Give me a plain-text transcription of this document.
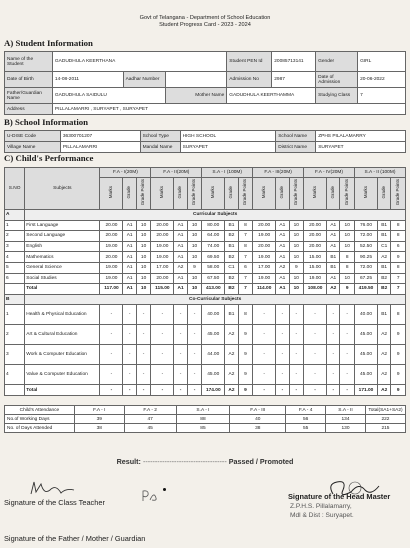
Govt of Telangana - Department of School Education
Student Progress Card - 2023 - 2024
A) Student Information
Name of the Student	GADUDHULA KEERTHANA			Student PEN Id	20085713141	Gender	GIRL
Date of Birth	14-08-2011	Aadhar Number		Admission No	2987	Date of Admission	20-06-2022
Father/Guardian Name	GADUDHULA SAIDULU		Mother Name	GADUDHULA KEERTHAMMA		Studying Class	7
Address	PILLALAMARRI , SURYAPET , SURYAPET						
B) School Information
U-DISE Code	36300701207	School Type	HIGH SCHOOL	School Name	ZPHS PILALAMARRY
Village Name	PILLALAMARRI	Mandal Name	SURYAPET	District Name	SURYAPET
C) Child's Performance
S.NO	Subjects	F.A - I(20M)			F.A - II(20M)			S.A - I (100M)			F.A - III(20M)			F.A - IV(20M)			S.A - II (100M)		
		Marks	Grade	Grade Points	Marks	Grade	Grade Points	Marks	Grade	Grade Points	Marks	Grade	Grade Points	Marks	Grade	Grade Points	Marks	Grade	Grade Points
A	Curricular Subjects																		
1	First Language	20.00	A1	10	20.00	A1	10	80.00	B1	8	20.00	A1	10	20.00	A1	10	76.00	B1	8
2	Second Language	20.00	A1	10	20.00	A1	10	64.00	B2	7	19.00	A1	10	20.00	A1	10	72.00	B1	8
3	English	19.00	A1	10	19.00	A1	10	74.00	B1	8	20.00	A1	10	20.00	A1	10	52.50	C1	6
4	Mathematics	20.00	A1	10	19.00	A1	10	69.50	B2	7	19.00	A1	10	15.00	B1	8	90.25	A2	9
5	General Science	19.00	A1	10	17.00	A2	9	58.00	C1	6	17.00	A2	9	15.00	B1	8	72.00	B1	8
6	Social Studies	19.00	A1	10	20.00	A1	10	67.50	B2	7	19.00	A1	10	19.00	A1	10	67.25	B2	7
	Total	117.00	A1	10	115.00	A1	10	413.00	B2	7	114.00	A1	10	108.00	A2	9	419.50	B2	7
B	Co-Curricular Subjects																		
1	Health & Physical Education	-	-	-	-	-	-	40.00	B1	8	-	-	-	-	-	-	40.00	B1	8
2	Art & Cultural Education	-	-	-	-	-	-	45.00	A2	9	-	-	-	-	-	-	45.00	A2	9
3	Work & Computer Education	-	-	-	-	-	-	44.00	A2	9	-	-	-	-	-	-	45.00	A2	9
4	Value & Computer Education	-	-	-	-	-	-	45.00	A2	9	-	-	-	-	-	-	45.00	A2	9
	Total	-	-	-	-	-	-	174.00	A2	9	-	-	-	-	-	-	171.00	A2	9
Child's Attendance	F.A - I	F.A - 2	S.A - I	F.A - III	F.A - 4	S.A - II	Total(SA1+SA2)
No.of Working Days	39	47	88	40	56	134	222
No. of Days Attended	38	45	85	38	55	130	215
Result: ----------------------------------- Passed / Promoted
Signature of the Class Teacher
Signature of the Head Master
Z.P.H.S. Pillalamarry,
Mdl & Dist : Suryapet.
Signature of the Father / Mother / Guardian
